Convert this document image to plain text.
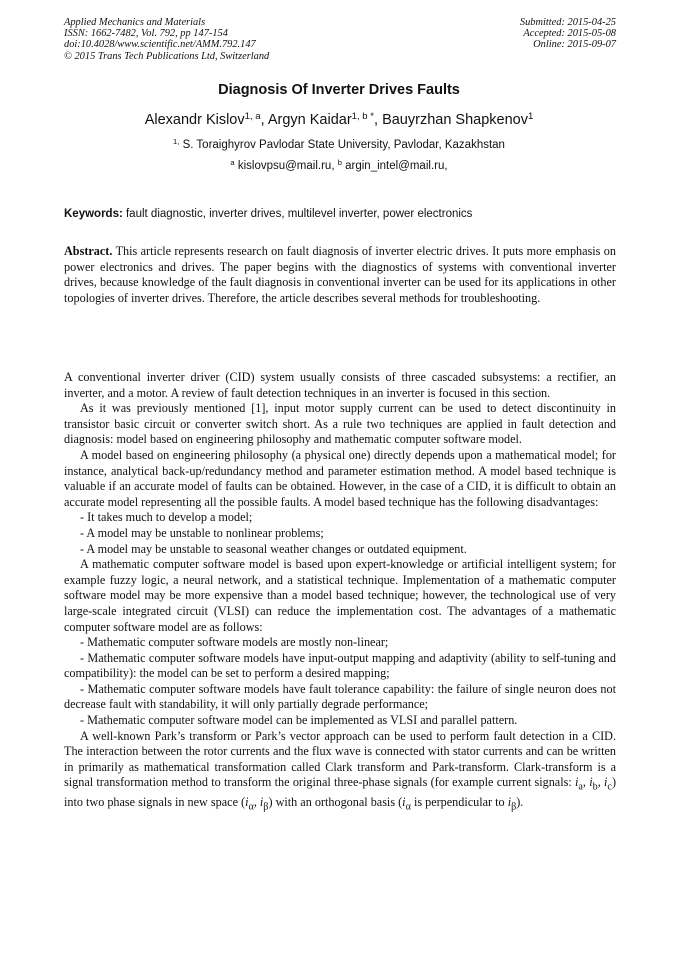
Applied Mechanics and Materials
ISSN: 1662-7482, Vol. 792, pp 147-154
doi:10.4028/www.scientific.net/AMM.792.147
© 2015 Trans Tech Publications Ltd, Switzerland
Submitted: 2015-04-25
Accepted: 2015-05-08
Online: 2015-09-07
Diagnosis Of Inverter Drives Faults
Alexandr Kislov$^{1, a}$, Argyn Kaidar$^{1, b *}$, Bauyrzhan Shapkenov$^1$
$^{1,}$ S. Toraighyrov Pavlodar State University, Pavlodar, Kazakhstan
$^a$ kislovpsu@mail.ru, $^b$ argin_intel@mail.ru,
Keywords: fault diagnostic, inverter drives, multilevel inverter, power electronics
Abstract. This article represents research on fault diagnosis of inverter electric drives. It puts more emphasis on power electronics and drives. The paper begins with the diagnostics of systems with conventional inverter drives, because knowledge of the fault diagnosis in conventional inverter can be used for its applications in other topologies of inverter drives. Therefore, the article describes several methods for troubleshooting.

A conventional inverter driver (CID) system usually consists of three cascaded subsystems: a rectifier, an inverter, and a motor. A review of fault detection techniques in an inverter is focused in this section.

As it was previously mentioned [1], input motor supply current can be used to detect discontinuity in transistor basic circuit or converter switch short. As a rule two techniques are applied in fault detection and diagnosis: model based on engineering philosophy and mathematic computer software model.

A model based on engineering philosophy (a physical one) directly depends upon a mathematical model; for instance, analytical back-up/redundancy method and parameter estimation method. A model based technique is valuable if an accurate model of faults can be obtained. However, in the case of a CID, it is difficult to obtain an accurate model representing all the possible faults. A model based technique has the following disadvantages:

- It takes much to develop a model;

- A model may be unstable to nonlinear problems;

- A model may be unstable to seasonal weather changes or outdated equipment.

A mathematic computer software model is based upon expert-knowledge or artificial intelligent system; for example fuzzy logic, a neural network, and a statistical technique. Implementation of a mathematic computer software model may be more expensive than a model based technique; however, the technological use of very large-scale integrated circuit (VLSI) can reduce the implementation cost. The advantages of a mathematic computer software model are as follows:

- Mathematic computer software models are mostly non-linear;

- Mathematic computer software models have input-output mapping and adaptivity (ability to self-tuning and compatibility): the model can be set to perform a desired mapping;

- Mathematic computer software models have fault tolerance capability: the failure of single neuron does not decrease fault with standability, it will only partially degrade performance;

- Mathematic computer software model can be implemented as VLSI and parallel pattern.

A well-known Park’s transform or Park’s vector approach can be used to perform fault detection in a CID. The interaction between the rotor currents and the flux wave is connected with stator currents and can be written in primarily as mathematical transformation called Clark transform and Park-transform. Clark-transform is a signal transformation method to transform the original three-phase signals (for example current signals: $i_a$, $i_b$, $i_c$) into two phase signals in new space ($i_\alpha$, $i_\beta$) with an orthogonal basis ($i_\alpha$ is perpendicular to $i_\beta$).
